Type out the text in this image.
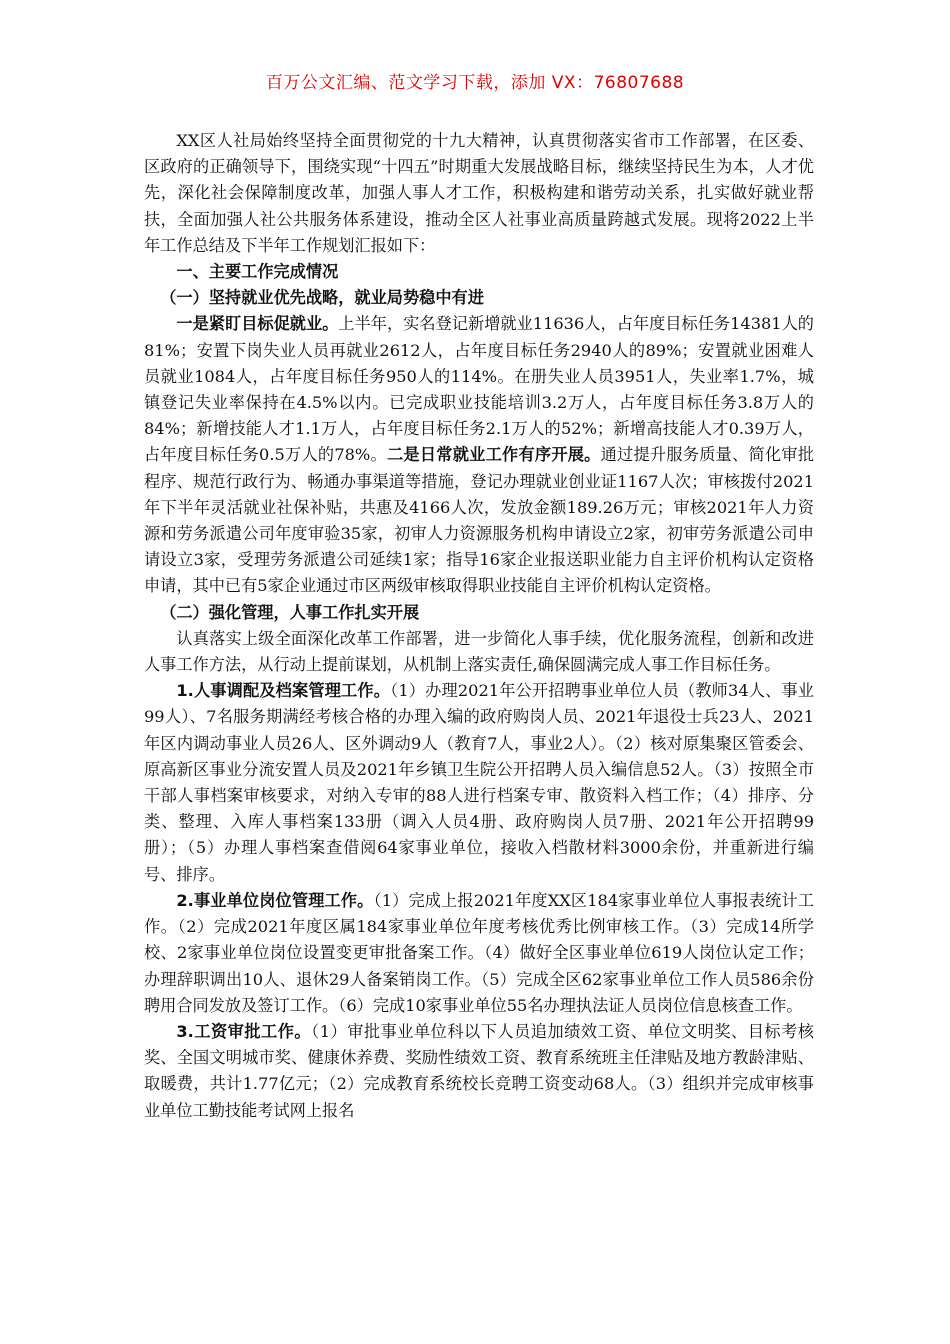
百万公文汇编、范文学习下载，添加 VX：76807688

XX区人社局始终坚持全面贯彻党的十九大精神，认真贯彻落实省市工作部署，在区委、区政府的正确领导下，围绕实现“十四五”时期重大发展战略目标，继续坚持民生为本，人才优先，深化社会保障制度改革，加强人事人才工作，积极构建和谐劳动关系，扎实做好就业帮扶，全面加强人社公共服务体系建设，推动全区人社事业高质量跨越式发展。现将2022上半年工作总结及下半年工作规划汇报如下：

一、主要工作完成情况

（一）坚持就业优先战略，就业局势稳中有进

一是紧盯目标促就业。上半年，实名登记新增就业11636人，占年度目标任务14381人的81%；安置下岗失业人员再就业2612人，占年度目标任务2940人的89%；安置就业困难人员就业1084人，占年度目标任务950人的114%。在册失业人员3951人，失业率1.7%，城镇登记失业率保持在4.5%以内。已完成职业技能培训3.2万人，占年度目标任务3.8万人的84%；新增技能人才1.1万人，占年度目标任务2.1万人的52%；新增高技能人才0.39万人，占年度目标任务0.5万人的78%。二是日常就业工作有序开展。通过提升服务质量、简化审批程序、规范行政行为、畅通办事渠道等措施，登记办理就业创业证1167人次；审核拨付2021年下半年灵活就业社保补贴，共惠及4166人次，发放金额189.26万元；审核2021年人力资源和劳务派遣公司年度审验35家，初审人力资源服务机构申请设立2家，初审劳务派遣公司申请设立3家，受理劳务派遣公司延续1家；指导16家企业报送职业能力自主评价机构认定资格申请，其中已有5家企业通过市区两级审核取得职业技能自主评价机构认定资格。

（二）强化管理，人事工作扎实开展

认真落实上级全面深化改革工作部署，进一步简化人事手续，优化服务流程，创新和改进人事工作方法，从行动上提前谋划，从机制上落实责任,确保圆满完成人事工作目标任务。

1.人事调配及档案管理工作。（1）办理2021年公开招聘事业单位人员（教师34人、事业99人）、7名服务期满经考核合格的办理入编的政府购岗人员、2021年退役士兵23人、2021年区内调动事业人员26人、区外调动9人（教育7人，事业2人）。（2）核对原集聚区管委会、原高新区事业分流安置人员及2021年乡镇卫生院公开招聘人员入编信息52人。（3）按照全市干部人事档案审核要求，对纳入专审的88人进行档案专审、散资料入档工作；（4）排序、分类、整理、入库人事档案133册（调入人员4册、政府购岗人员7册、2021年公开招聘99册）；（5）办理人事档案查借阅64家事业单位，接收入档散材料3000余份，并重新进行编号、排序。

2.事业单位岗位管理工作。（1）完成上报2021年度XX区184家事业单位人事报表统计工作。（2）完成2021年度区属184家事业单位年度考核优秀比例审核工作。（3）完成14所学校、2家事业单位岗位设置变更审批备案工作。（4）做好全区事业单位619人岗位认定工作；办理辞职调出10人、退休29人备案销岗工作。（5）完成全区62家事业单位工作人员586余份聘用合同发放及签订工作。（6）完成10家事业单位55名办理执法证人员岗位信息核查工作。

3.工资审批工作。（1）审批事业单位科以下人员追加绩效工资、单位文明奖、目标考核奖、全国文明城市奖、健康休养费、奖励性绩效工资、教育系统班主任津贴及地方教龄津贴、取暖费，共计1.77亿元；（2）完成教育系统校长竞聘工资变动68人。（3）组织并完成审核事业单位工勤技能考试网上报名
